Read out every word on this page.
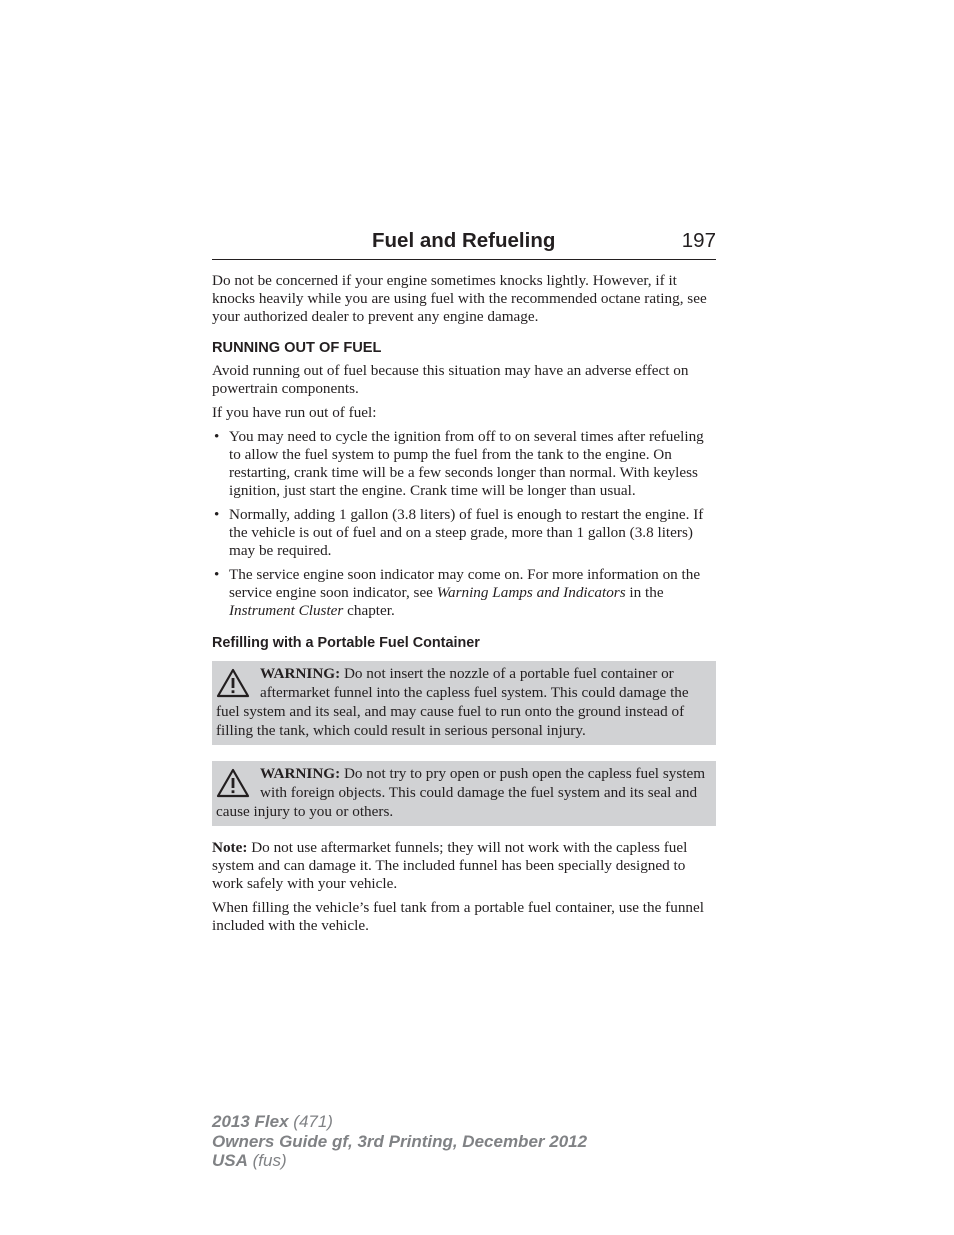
Fuel and Refueling	197

Do not be concerned if your engine sometimes knocks lightly. However, if it knocks heavily while you are using fuel with the recommended octane rating, see your authorized dealer to prevent any engine damage.

RUNNING OUT OF FUEL

Avoid running out of fuel because this situation may have an adverse effect on powertrain components.

If you have run out of fuel:

• You may need to cycle the ignition from off to on several times after refueling to allow the fuel system to pump the fuel from the tank to the engine. On restarting, crank time will be a few seconds longer than normal. With keyless ignition, just start the engine. Crank time will be longer than usual.
• Normally, adding 1 gallon (3.8 liters) of fuel is enough to restart the engine. If the vehicle is out of fuel and on a steep grade, more than 1 gallon (3.8 liters) may be required.
• The service engine soon indicator may come on. For more information on the service engine soon indicator, see Warning Lamps and Indicators in the Instrument Cluster chapter.
Refilling with a Portable Fuel Container

WARNING: Do not insert the nozzle of a portable fuel container or aftermarket funnel into the capless fuel system. This could damage the fuel system and its seal, and may cause fuel to run onto the ground instead of filling the tank, which could result in serious personal injury.

WARNING: Do not try to pry open or push open the capless fuel system with foreign objects. This could damage the fuel system and its seal and cause injury to you or others.

Note: Do not use aftermarket funnels; they will not work with the capless fuel system and can damage it. The included funnel has been specially designed to work safely with your vehicle.

When filling the vehicle’s fuel tank from a portable fuel container, use the funnel included with the vehicle.

2013 Flex (471)
Owners Guide gf, 3rd Printing, December 2012
USA (fus)
